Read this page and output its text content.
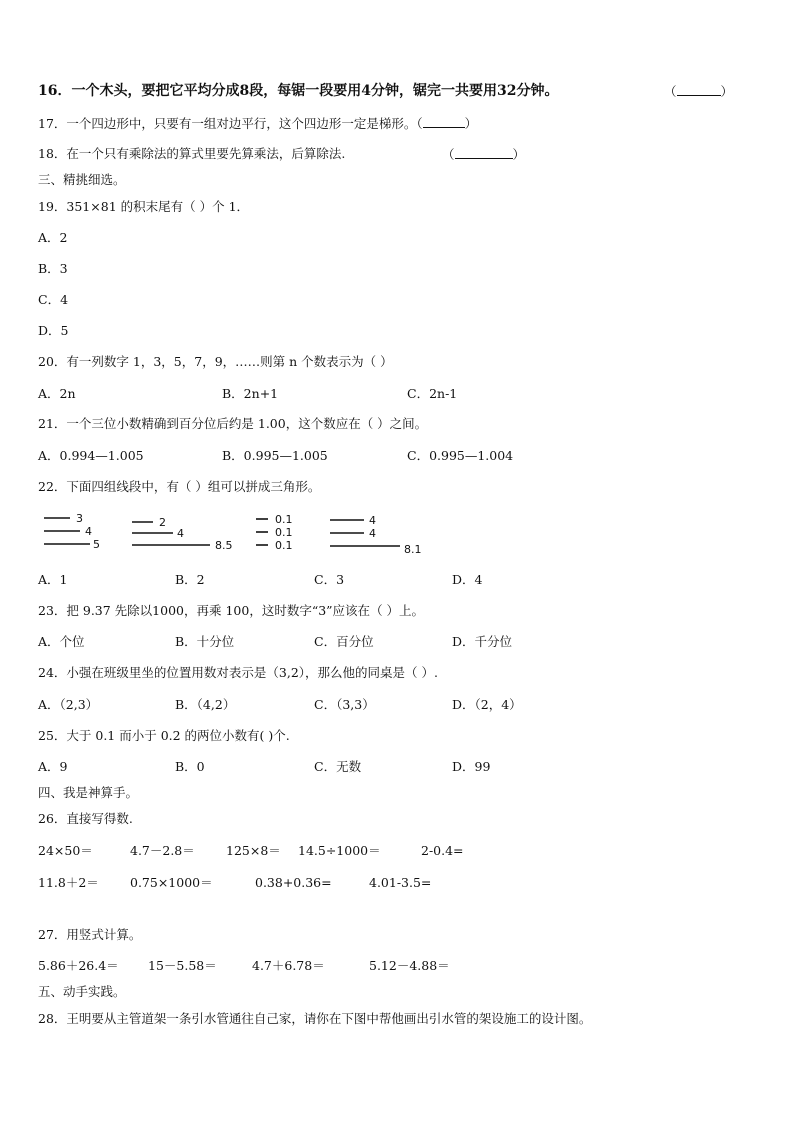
16．一个木头，要把它平均分成8段，每锯一段要用4分钟，锯完一共要用32分钟。	（	）
17．一个四边形中，只要有一组对边平行，这个四边形一定是梯形。（	）
18．在一个只有乘除法的算式里要先算乘法，后算除法.	（	）
三、精挑细选。
19．351×81 的积末尾有（ ）个 1．
A．2
B．3
C．4
D．5
20．有一列数字 1，3，5，7，9，……则第 n 个数表示为（ ）
A．2n	B．2n+1	C．2n-1
21．一个三位小数精确到百分位后约是 1.00，这个数应在（ ）之间。
A．0.994—1.005	B．0.995—1.005	C．0.995—1.004
22．下面四组线段中，有（ ）组可以拼成三角形。
3
4
5
2
4
8.5
0.1
0.1
0.1
4
4
8.1
A．1	B．2	C．3	D．4
23．把 9.37 先除以1000，再乘 100，这时数字“3”应该在（ ）上。
A．个位	B．十分位	C．百分位	D．千分位
24．小强在班级里坐的位置用数对表示是（3,2），那么他的同桌是（ ）.
A．（2,3）	B．（4,2）	C．（3,3）	D．（2，4）
25．大于 0.1 而小于 0.2 的两位小数有( )个.
A．9	B．0	C．无数	D．99
四、我是神算手。
26．直接写得数.
24×50＝	4.7－2.8＝ 125×8＝ 14.5÷1000＝	2-0.4=
11.8＋2＝ 0.75×1000＝	0.38+0.36=	4.01-3.5=
27．用竖式计算。
5.86＋26.4＝ 15－5.58＝	4.7＋6.78＝	5.12－4.88＝
五、动手实践。
28．王明要从主管道架一条引水管通往自己家，请你在下图中帮他画出引水管的架设施工的设计图。
